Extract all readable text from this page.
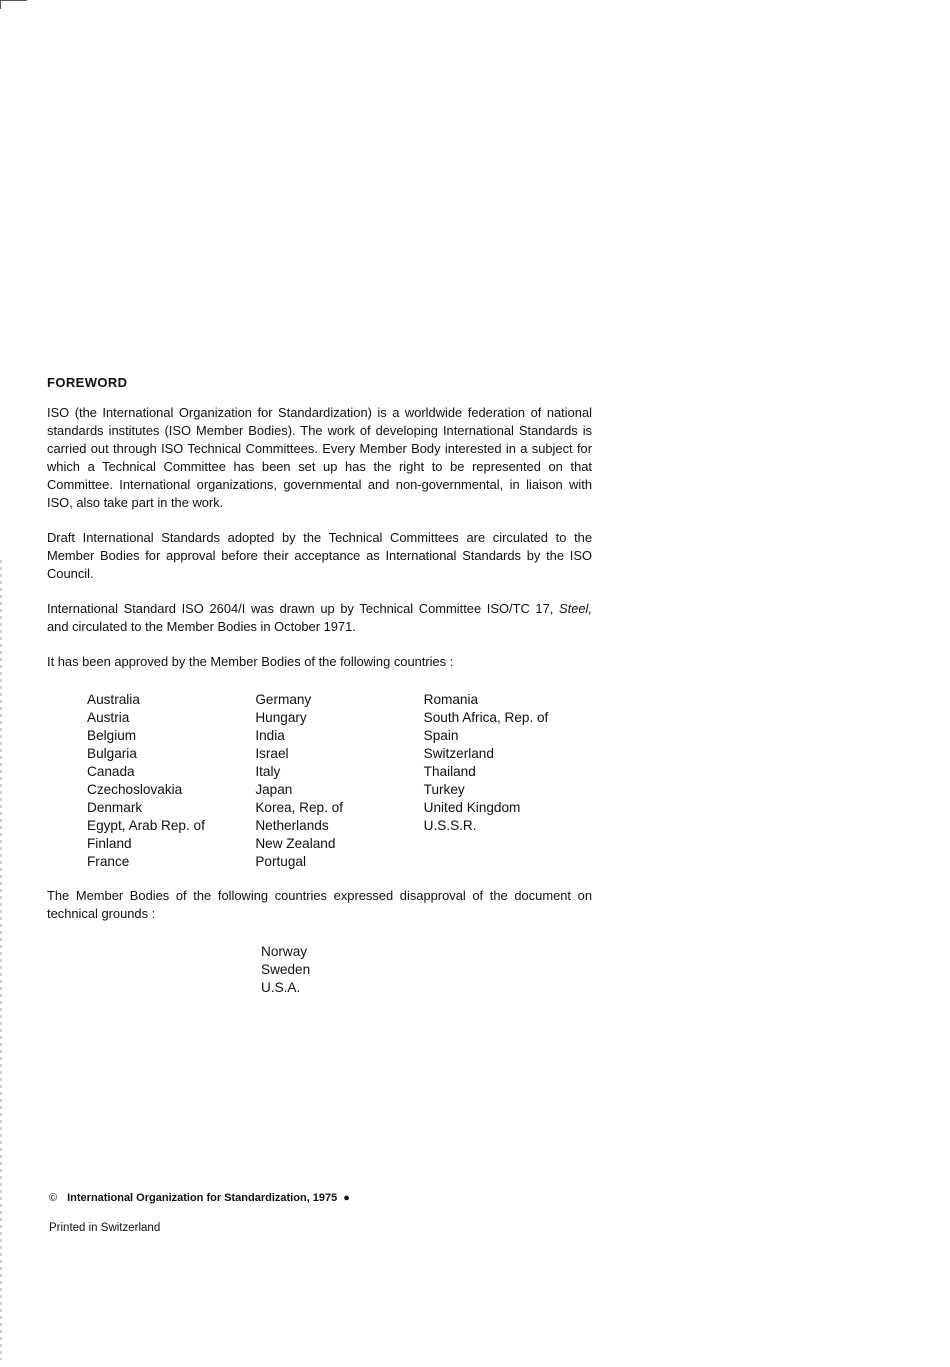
FOREWORD

ISO (the International Organization for Standardization) is a worldwide federation of national standards institutes (ISO Member Bodies). The work of developing International Standards is carried out through ISO Technical Committees. Every Member Body interested in a subject for which a Technical Committee has been set up has the right to be represented on that Committee. International organizations, governmental and non-governmental, in liaison with ISO, also take part in the work.

Draft International Standards adopted by the Technical Committees are circulated to the Member Bodies for approval before their acceptance as International Standards by the ISO Council.

International Standard ISO 2604/I was drawn up by Technical Committee ISO/TC 17, Steel, and circulated to the Member Bodies in October 1971.

It has been approved by the Member Bodies of the following countries :

Australia
Austria
Belgium
Bulgaria
Canada
Czechoslovakia
Denmark
Egypt, Arab Rep. of
Finland
France
Germany
Hungary
India
Israel
Italy
Japan
Korea, Rep. of
Netherlands
New Zealand
Portugal
Romania
South Africa, Rep. of
Spain
Switzerland
Thailand
Turkey
United Kingdom
U.S.S.R.

The Member Bodies of the following countries expressed disapproval of the document on technical grounds :

Norway
Sweden
U.S.A.
© International Organization for Standardization, 1975 ●
Printed in Switzerland
